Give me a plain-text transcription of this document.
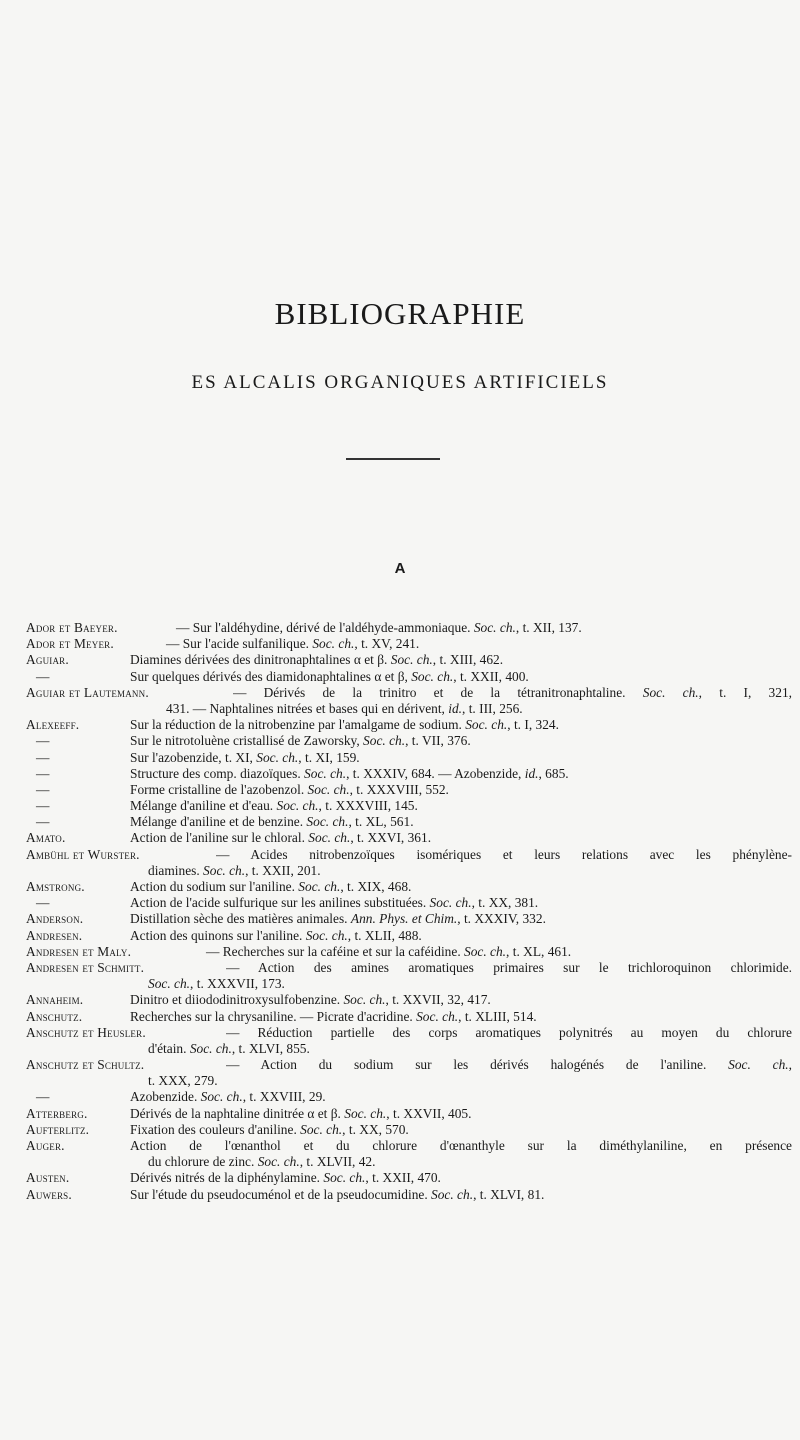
BIBLIOGRAPHIE
ES ALCALIS ORGANIQUES ARTIFICIELS
A
Ador et Baeyer.	— Sur l'aldéhydine, dérivé de l'aldéhyde-ammoniaque. Soc. ch., t. XII, 137.
Ador et Meyer.	— Sur l'acide sulfanilique. Soc. ch., t. XV, 241.
Aguiar.	Diamines dérivées des dinitronaphtalines α et β. Soc. ch., t. XIII, 462.
—	Sur quelques dérivés des diamidonaphtalines α et β, Soc. ch., t. XXII, 400.
Aguiar et Lautemann.	— Dérivés de la trinitro et de la tétranitronaphtaline. Soc. ch., t. I, 321,
431. — Naphtalines nitrées et bases qui en dérivent, id., t. III, 256.
Alexeeff.	Sur la réduction de la nitrobenzine par l'amalgame de sodium. Soc. ch., t. I, 324.
—	Sur le nitrotoluène cristallisé de Zaworsky, Soc. ch., t. VII, 376.
—	Sur l'azobenzide, t. XI, Soc. ch., t. XI, 159.
—	Structure des comp. diazoïques. Soc. ch., t. XXXIV, 684. — Azobenzide, id., 685.
—	Forme cristalline de l'azobenzol. Soc. ch., t. XXXVIII, 552.
—	Mélange d'aniline et d'eau. Soc. ch., t. XXXVIII, 145.
—	Mélange d'aniline et de benzine. Soc. ch., t. XL, 561.
Amato.	Action de l'aniline sur le chloral. Soc. ch., t. XXVI, 361.
Ambühl et Wurster.	— Acides nitrobenzoïques isomériques et leurs relations avec les phénylène-
diamines. Soc. ch., t. XXII, 201.
Amstrong.	Action du sodium sur l'aniline. Soc. ch., t. XIX, 468.
—	Action de l'acide sulfurique sur les anilines substituées. Soc. ch., t. XX, 381.
Anderson.	Distillation sèche des matières animales. Ann. Phys. et Chim., t. XXXIV, 332.
Andresen.	Action des quinons sur l'aniline. Soc. ch., t. XLII, 488.
Andresen et Maly.	— Recherches sur la caféine et sur la caféidine. Soc. ch., t. XL, 461.
Andresen et Schmitt.	— Action des amines aromatiques primaires sur le trichloroquinon chlorimide.
Soc. ch., t. XXXVII, 173.
Annaheim.	Dinitro et diiododinitroxysulfobenzine. Soc. ch., t. XXVII, 32, 417.
Anschutz.	Recherches sur la chrysaniline. — Picrate d'acridine. Soc. ch., t. XLIII, 514.
Anschutz et Heusler.	— Réduction partielle des corps aromatiques polynitrés au moyen du chlorure
d'étain. Soc. ch., t. XLVI, 855.
Anschutz et Schultz.	— Action du sodium sur les dérivés halogénés de l'aniline. Soc. ch.,
t. XXX, 279.
—	Azobenzide. Soc. ch., t. XXVIII, 29.
Atterberg.	Dérivés de la naphtaline dinitrée α et β. Soc. ch., t. XXVII, 405.
Aufterlitz.	Fixation des couleurs d'aniline. Soc. ch., t. XX, 570.
Auger.	Action de l'œnanthol et du chlorure d'œnanthyle sur la diméthylaniline, en présence
du chlorure de zinc. Soc. ch., t. XLVII, 42.
Austen.	Dérivés nitrés de la diphénylamine. Soc. ch., t. XXII, 470.
Auwers.	Sur l'étude du pseudocuménol et de la pseudocumidine. Soc. ch., t. XLVI, 81.
